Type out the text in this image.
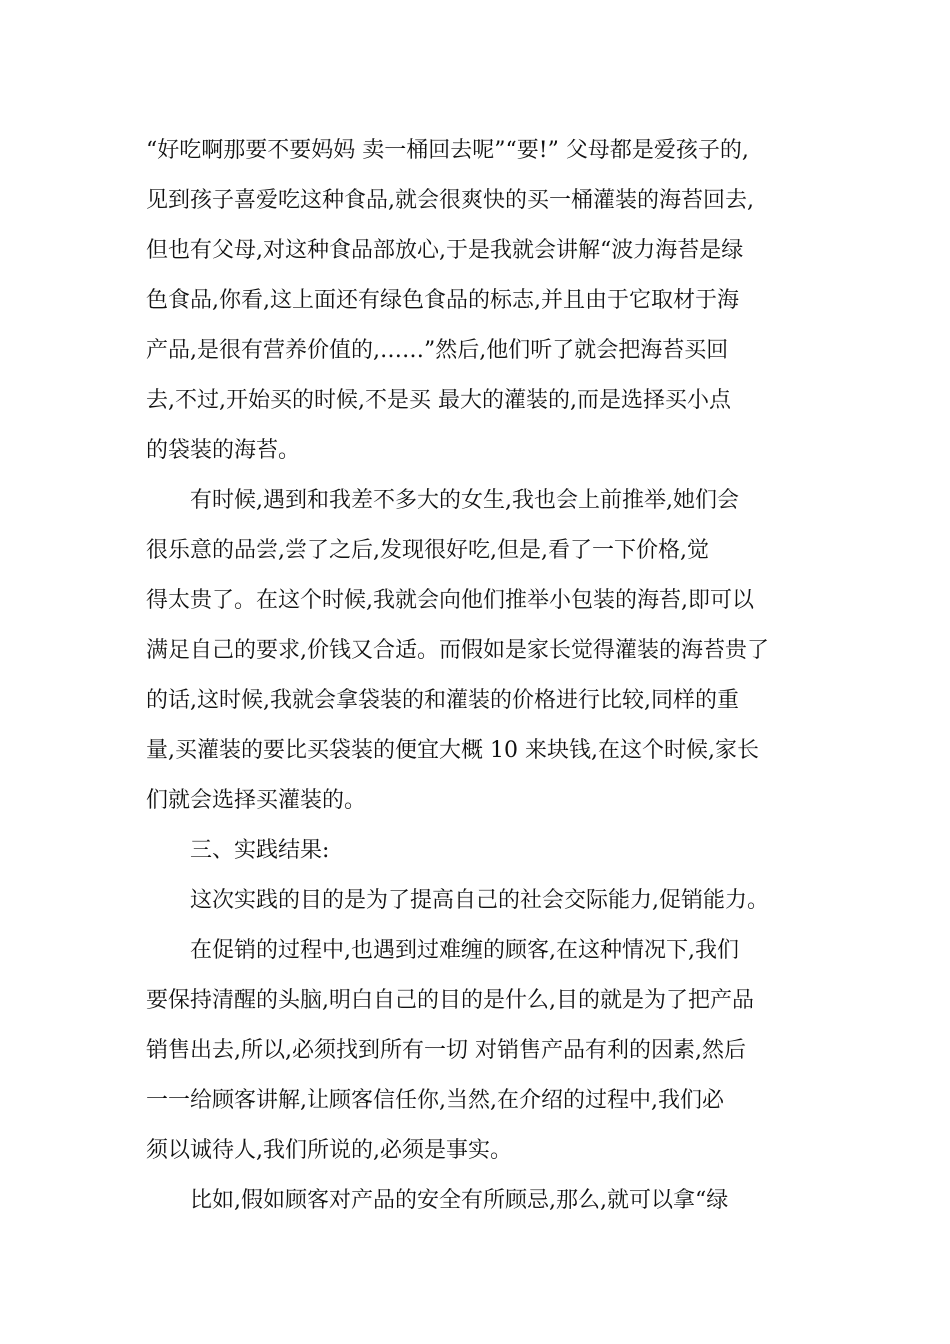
“好吃啊那要不要妈妈 卖一桶回去呢”“要!” 父母都是爱孩子的,
见到孩子喜爱吃这种食品,就会很爽快的买一桶灌装的海苔回去,
但也有父母,对这种食品部放心,于是我就会讲解“波力海苔是绿
色食品,你看,这上面还有绿色食品的标志,并且由于它取材于海
产品,是很有营养价值的,……”然后,他们听了就会把海苔买回
去,不过,开始买的时候,不是买 最大的灌装的,而是选择买小点
的袋装的海苔。
有时候,遇到和我差不多大的女生,我也会上前推举,她们会
很乐意的品尝,尝了之后,发现很好吃,但是,看了一下价格,觉
得太贵了。在这个时候,我就会向他们推举小包装的海苔,即可以
满足自己的要求,价钱又合适。而假如是家长觉得灌装的海苔贵了
的话,这时候,我就会拿袋装的和灌装的价格进行比较,同样的重
量,买灌装的要比买袋装的便宜大概 10 来块钱,在这个时候,家长
们就会选择买灌装的。
三、实践结果:
这次实践的目的是为了提高自己的社会交际能力,促销能力。
在促销的过程中,也遇到过难缠的顾客,在这种情况下,我们
要保持清醒的头脑,明白自己的目的是什么,目的就是为了把产品
销售出去,所以,必须找到所有一切 对销售产品有利的因素,然后
一一给顾客讲解,让顾客信任你,当然,在介绍的过程中,我们必
须以诚待人,我们所说的,必须是事实。
比如,假如顾客对产品的安全有所顾忌,那么,就可以拿“绿
